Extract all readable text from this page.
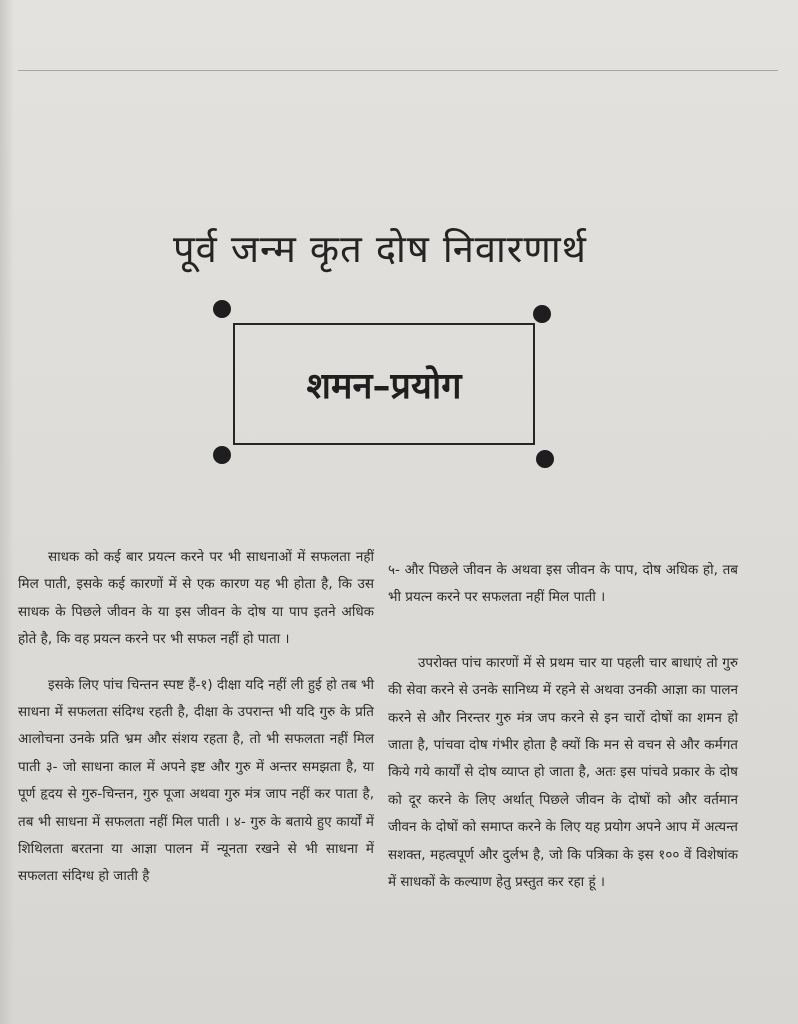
पूर्व जन्म कृत दोष निवारणार्थ
शमन–प्रयोग

साधक को कई बार प्रयत्न करने पर भी साधनाओं में सफलता नहीं मिल पाती, इसके कई कारणों में से एक कारण यह भी होता है, कि उस साधक के पिछले जीवन के या इस जीवन के दोष या पाप इतने अधिक होते है, कि वह प्रयत्न करने पर भी सफल नहीं हो पाता ।

इसके लिए पांच चिन्तन स्पष्ट हैं-१) दीक्षा यदि नहीं ली हुई हो तब भी साधना में सफलता संदिग्ध रहती है, दीक्षा के उपरान्त भी यदि गुरु के प्रति आलोचना उनके प्रति भ्रम और संशय रहता है, तो भी सफलता नहीं मिल पाती ३- जो साधना काल में अपने इष्ट और गुरु में अन्तर समझता है, या पूर्ण हृदय से गुरु-चिन्तन, गुरु पूजा अथवा गुरु मंत्र जाप नहीं कर पाता है, तब भी साधना में सफलता नहीं मिल पाती । ४- गुरु के बताये हुए कार्यों में शिथिलता बरतना या आज्ञा पालन में न्यूनता रखने से भी साधना में सफलता संदिग्ध हो जाती है

५- और पिछले जीवन के अथवा इस जीवन के पाप, दोष अधिक हो, तब भी प्रयत्न करने पर सफलता नहीं मिल पाती ।

उपरोक्त पांच कारणों में से प्रथम चार या पहली चार बाधाएं तो गुरु की सेवा करने से उनके सानिध्य में रहने से अथवा उनकी आज्ञा का पालन करने से और निरन्तर गुरु मंत्र जप करने से इन चारों दोषों का शमन हो जाता है, पांचवा दोष गंभीर होता है क्यों कि मन से वचन से और कर्मगत किये गये कार्यों से दोष व्याप्त हो जाता है, अतः इस पांचवे प्रकार के दोष को दूर करने के लिए अर्थात् पिछले जीवन के दोषों को और वर्तमान जीवन के दोषों को समाप्त करने के लिए यह प्रयोग अपने आप में अत्यन्त सशक्त, महत्वपूर्ण और दुर्लभ है, जो कि पत्रिका के इस १०० वें विशेषांक में साधकों के कल्याण हेतु प्रस्तुत कर रहा हूं ।
